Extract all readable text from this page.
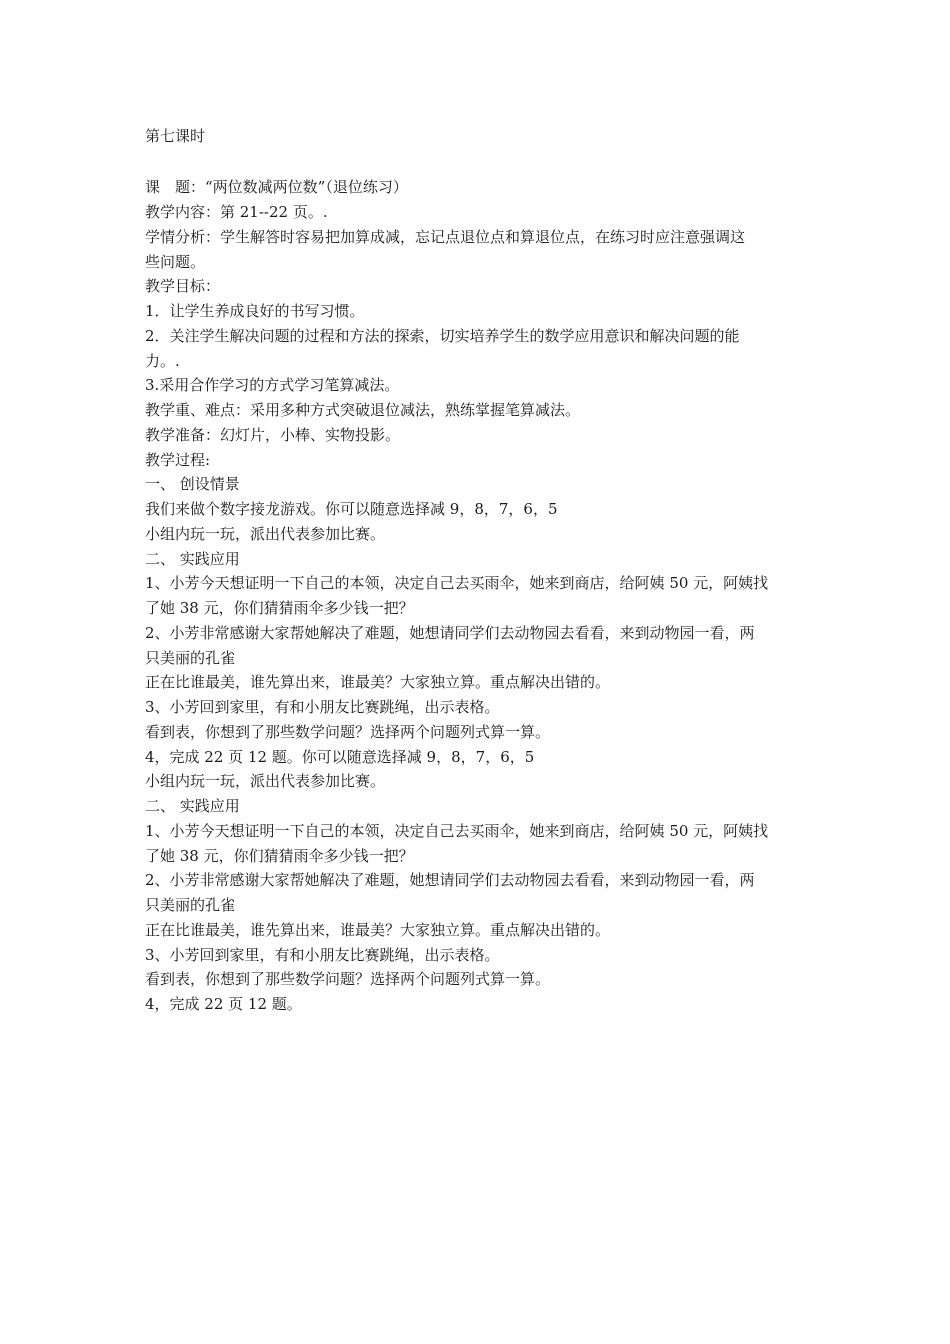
第七课时
课　题：“两位数减两位数”（退位练习）
教学内容：第 21--22 页。.
学情分析：学生解答时容易把加算成减，忘记点退位点和算退位点，在练习时应注意强调这
些问题。
教学目标：
1．让学生养成良好的书写习惯。
2．关注学生解决问题的过程和方法的探索，切实培养学生的数学应用意识和解决问题的能
力。.
3.采用合作学习的方式学习笔算减法。
教学重、难点：采用多种方式突破退位减法，熟练掌握笔算减法。
教学准备：幻灯片，小棒、实物投影。
教学过程:
一、 创设情景
我们来做个数字接龙游戏。你可以随意选择减 9，8，7，6，5
小组内玩一玩，派出代表参加比赛。
二、 实践应用
1、小芳今天想证明一下自己的本领，决定自己去买雨伞，她来到商店，给阿姨 50 元，阿姨找
了她 38 元，你们猜猜雨伞多少钱一把？
2、小芳非常感谢大家帮她解决了难题，她想请同学们去动物园去看看，来到动物园一看，两
只美丽的孔雀
正在比谁最美，谁先算出来，谁最美？大家独立算。重点解决出错的。
3、小芳回到家里，有和小朋友比赛跳绳，出示表格。
看到表，你想到了那些数学问题？选择两个问题列式算一算。
4，完成 22 页 12 题。你可以随意选择减 9，8，7，6，5
小组内玩一玩，派出代表参加比赛。
二、 实践应用
1、小芳今天想证明一下自己的本领，决定自己去买雨伞，她来到商店，给阿姨 50 元，阿姨找
了她 38 元，你们猜猜雨伞多少钱一把？
2、小芳非常感谢大家帮她解决了难题，她想请同学们去动物园去看看，来到动物园一看，两
只美丽的孔雀
正在比谁最美，谁先算出来，谁最美？大家独立算。重点解决出错的。
3、小芳回到家里，有和小朋友比赛跳绳，出示表格。
看到表，你想到了那些数学问题？选择两个问题列式算一算。
4，完成 22 页 12 题。
